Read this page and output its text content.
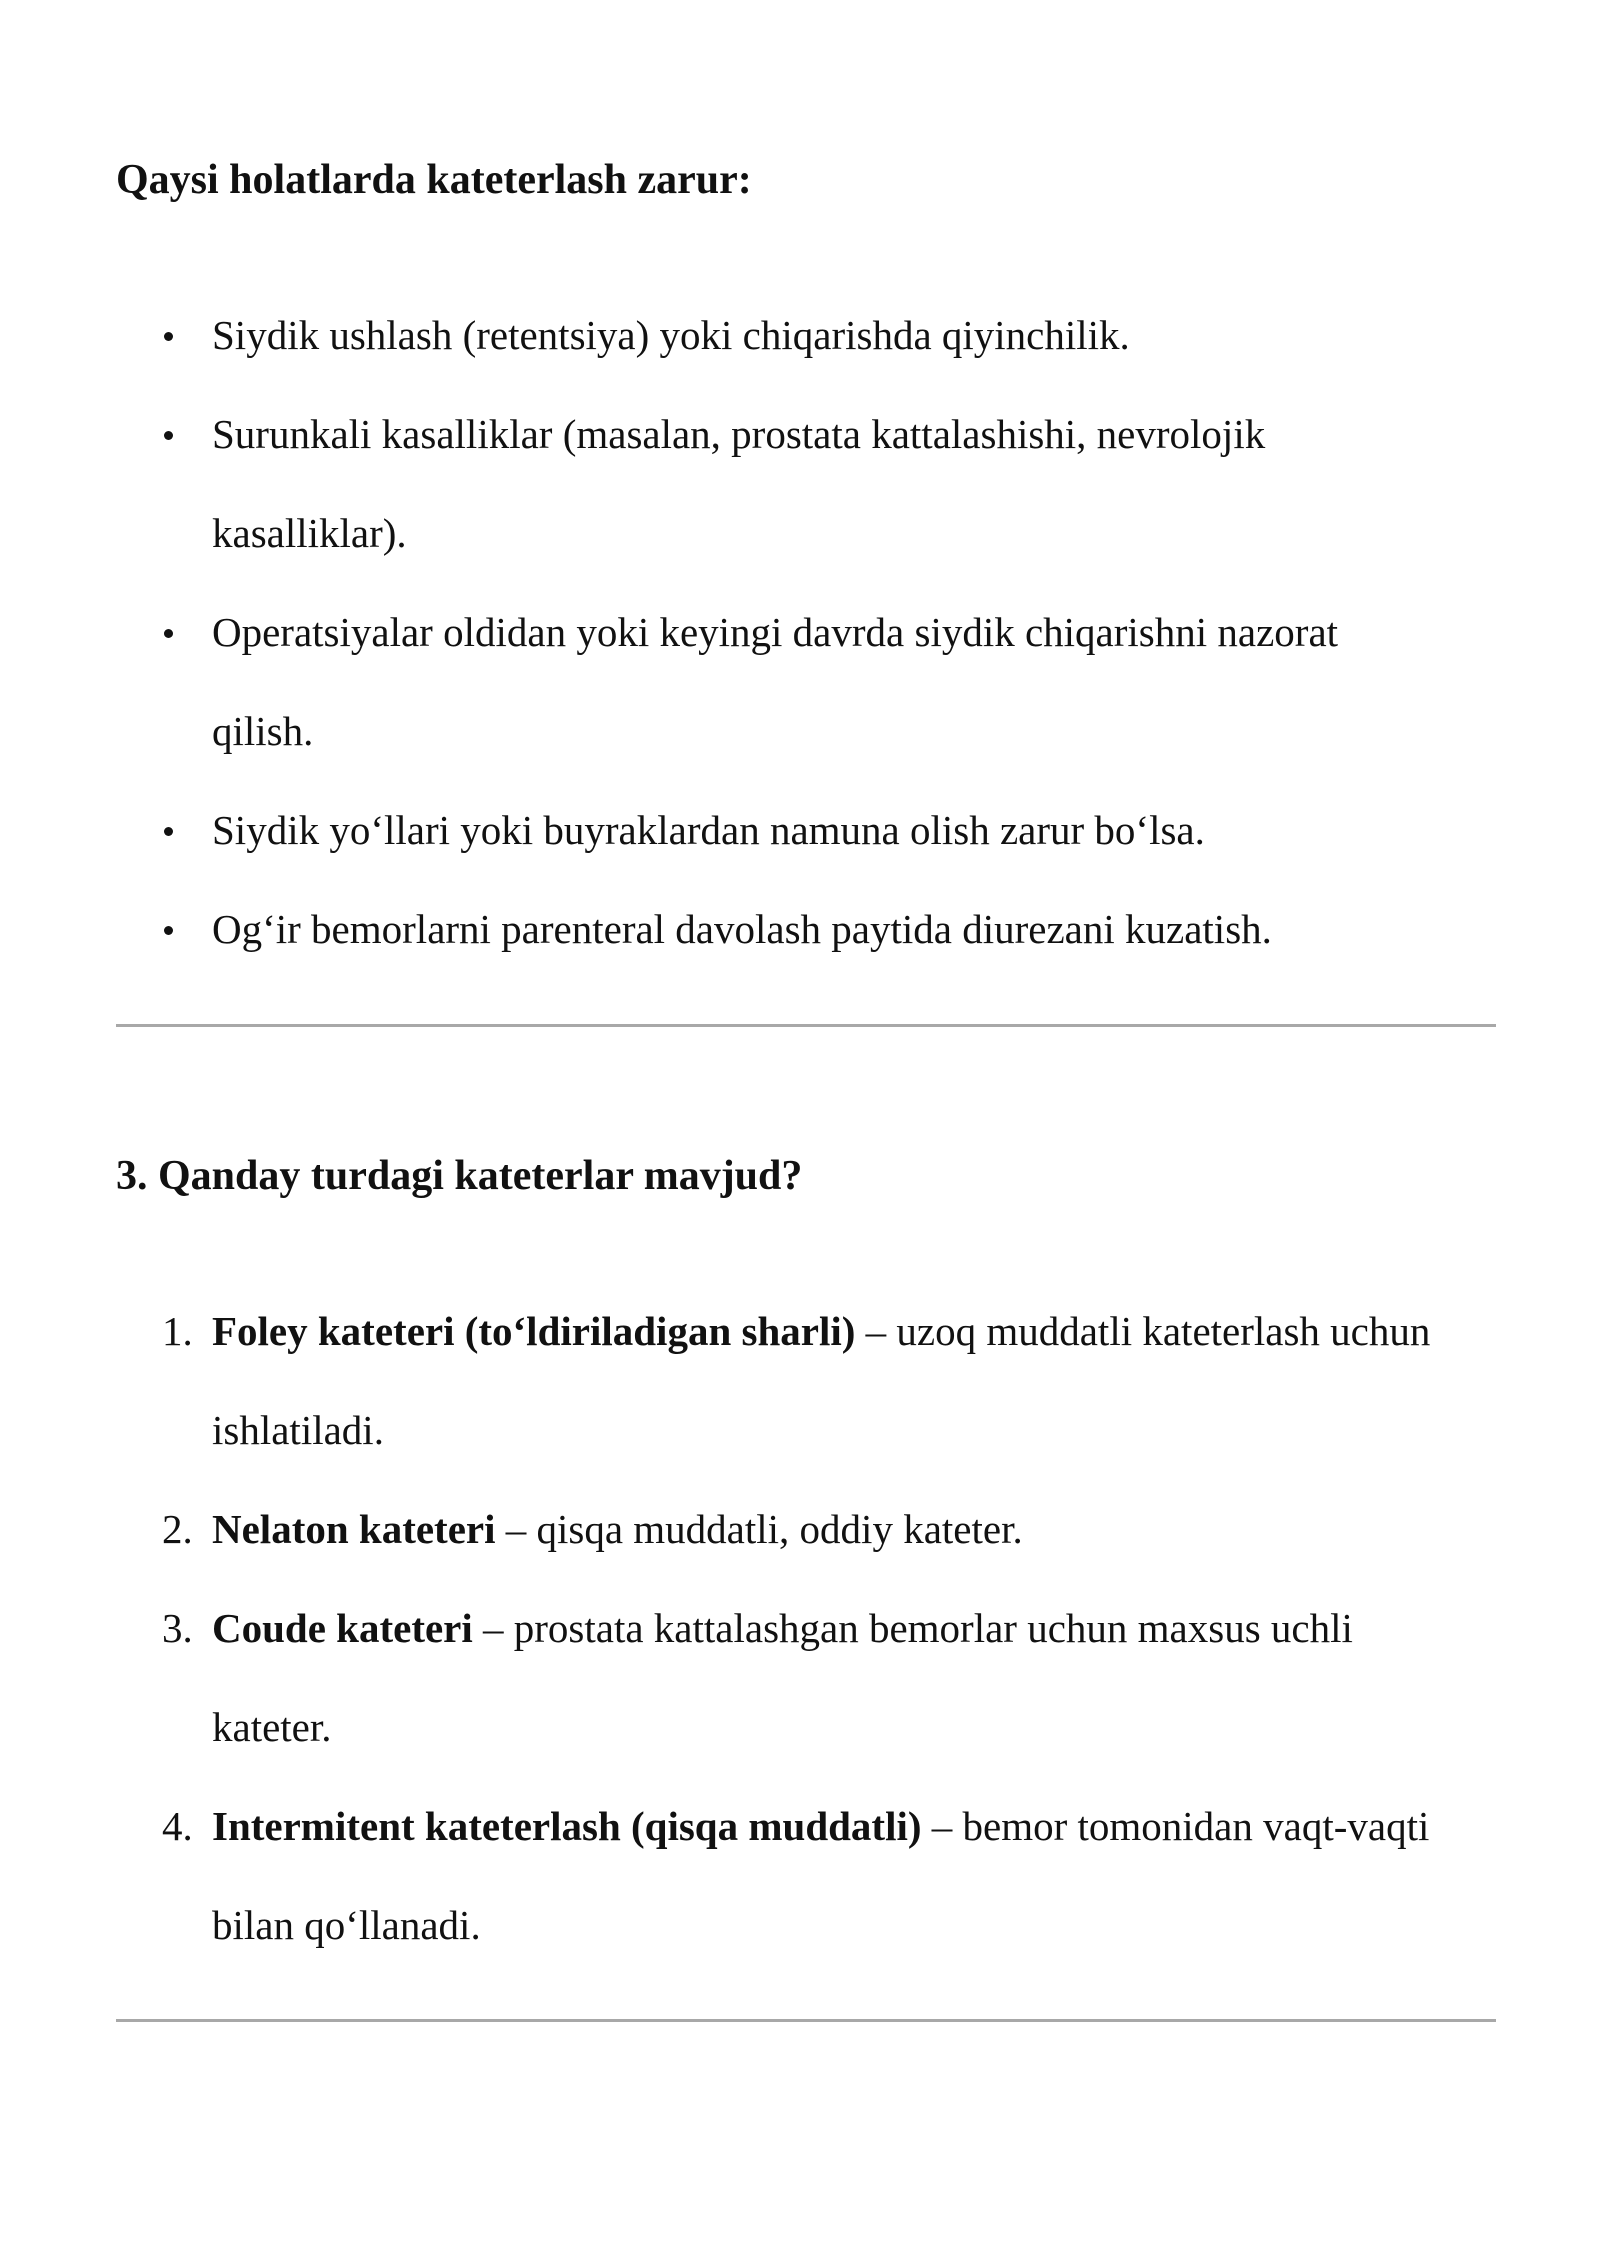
Qaysi holatlarda kateterlash zarur:
Siydik ushlash (retentsiya) yoki chiqarishda qiyinchilik.
Surunkali kasalliklar (masalan, prostata kattalashishi, nevrolojik kasalliklar).
Operatsiyalar oldidan yoki keyingi davrda siydik chiqarishni nazorat qilish.
Siydik yo‘llari yoki buyraklardan namuna olish zarur bo‘lsa.
Og‘ir bemorlarni parenteral davolash paytida diurezani kuzatish.
3. Qanday turdagi kateterlar mavjud?
1. Foley kateteri (to‘ldiriladigan sharli) – uzoq muddatli kateterlash uchun ishlatiladi.
2. Nelaton kateteri – qisqa muddatli, oddiy kateter.
3. Coude kateteri – prostata kattalashgan bemorlar uchun maxsus uchli kateter.
4. Intermitent kateterlash (qisqa muddatli) – bemor tomonidan vaqt-vaqti bilan qo‘llanadi.
